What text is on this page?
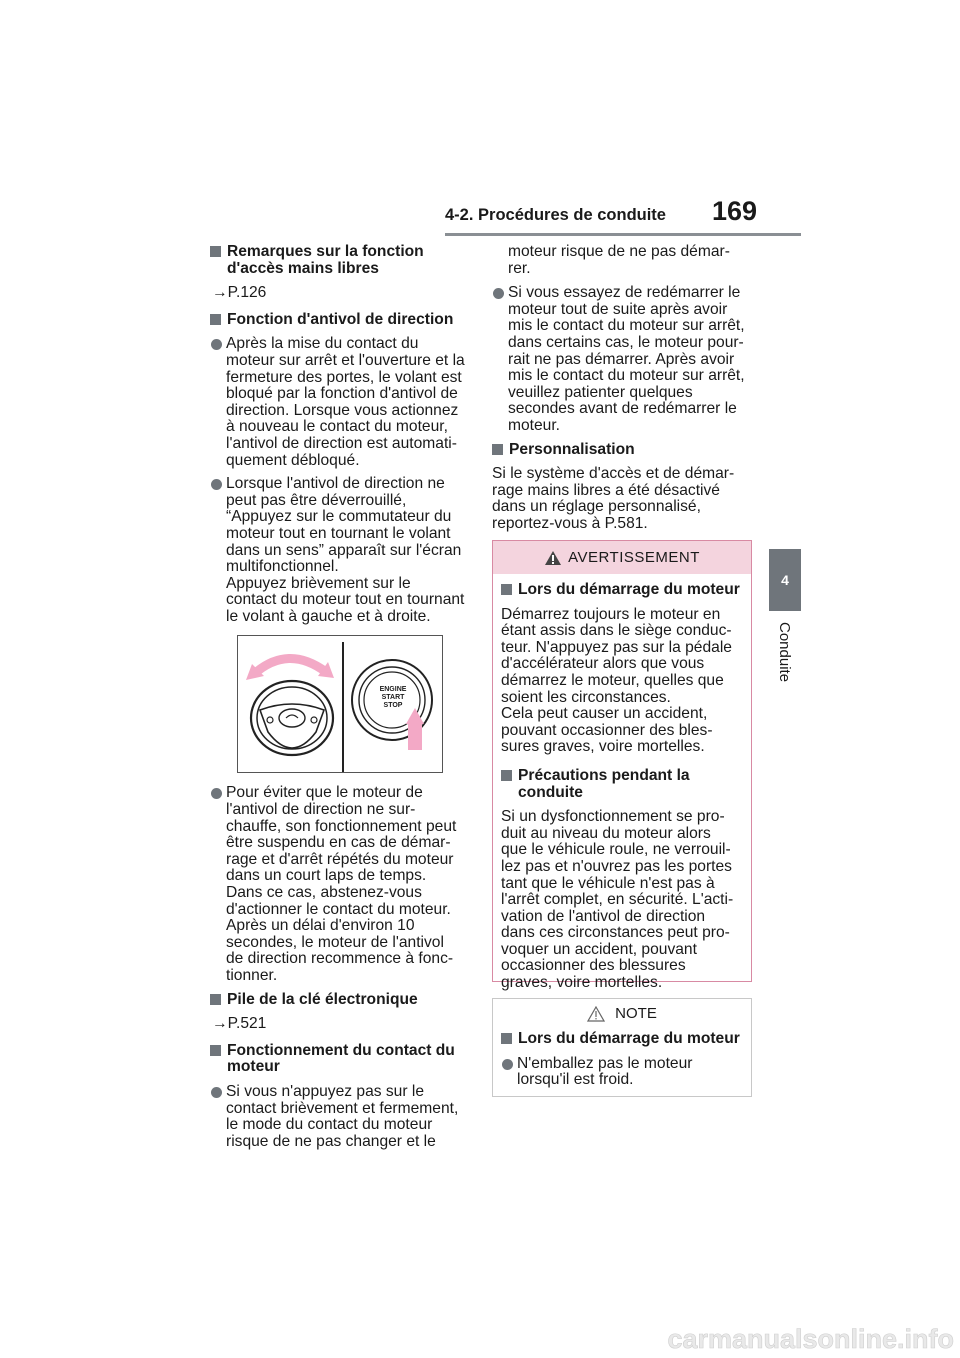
4-2. Procédures de conduite 169
4
Conduite
Remarques sur la fonction
d'accès mains libres
→P.126
Fonction d'antivol de direction
Après la mise du contact du
moteur sur arrêt et l'ouverture et la
fermeture des portes, le volant est
bloqué par la fonction d'antivol de
direction. Lorsque vous actionnez
à nouveau le contact du moteur,
l'antivol de direction est automati-
quement débloqué.
Lorsque l'antivol de direction ne
peut pas être déverrouillé,
“Appuyez sur le commutateur du
moteur tout en tournant le volant
dans un sens” apparaît sur l'écran
multifonctionnel.
Appuyez brièvement sur le
contact du moteur tout en tournant
le volant à gauche et à droite.
ENGINE
START
STOP
Pour éviter que le moteur de
l'antivol de direction ne sur-
chauffe, son fonctionnement peut
être suspendu en cas de démar-
rage et d'arrêt répétés du moteur
dans un court laps de temps.
Dans ce cas, abstenez-vous
d'actionner le contact du moteur.
Après un délai d'environ 10
secondes, le moteur de l'antivol
de direction recommence à fonc-
tionner.
Pile de la clé électronique
→P.521
Fonctionnement du contact du
moteur
Si vous n'appuyez pas sur le
contact brièvement et fermement,
le mode du contact du moteur
risque de ne pas changer et le
moteur risque de ne pas démar-
rer.
Si vous essayez de redémarrer le
moteur tout de suite après avoir
mis le contact du moteur sur arrêt,
dans certains cas, le moteur pour-
rait ne pas démarrer. Après avoir
mis le contact du moteur sur arrêt,
veuillez patienter quelques
secondes avant de redémarrer le
moteur.
Personnalisation
Si le système d'accès et de démar-
rage mains libres a été désactivé
dans un réglage personnalisé,
reportez-vous à P.581.
AVERTISSEMENT
Lors du démarrage du moteur
Démarrez toujours le moteur en
étant assis dans le siège conduc-
teur. N'appuyez pas sur la pédale
d'accélérateur alors que vous
démarrez le moteur, quelles que
soient les circonstances.
Cela peut causer un accident,
pouvant occasionner des bles-
sures graves, voire mortelles.
Précautions pendant la
conduite
Si un dysfonctionnement se pro-
duit au niveau du moteur alors
que le véhicule roule, ne verrouil-
lez pas et n'ouvrez pas les portes
tant que le véhicule n'est pas à
l'arrêt complet, en sécurité. L'acti-
vation de l'antivol de direction
dans ces circonstances peut pro-
voquer un accident, pouvant
occasionner des blessures
graves, voire mortelles.
NOTE
Lors du démarrage du moteur
N'emballez pas le moteur
lorsqu'il est froid.
carmanualsonline.info
